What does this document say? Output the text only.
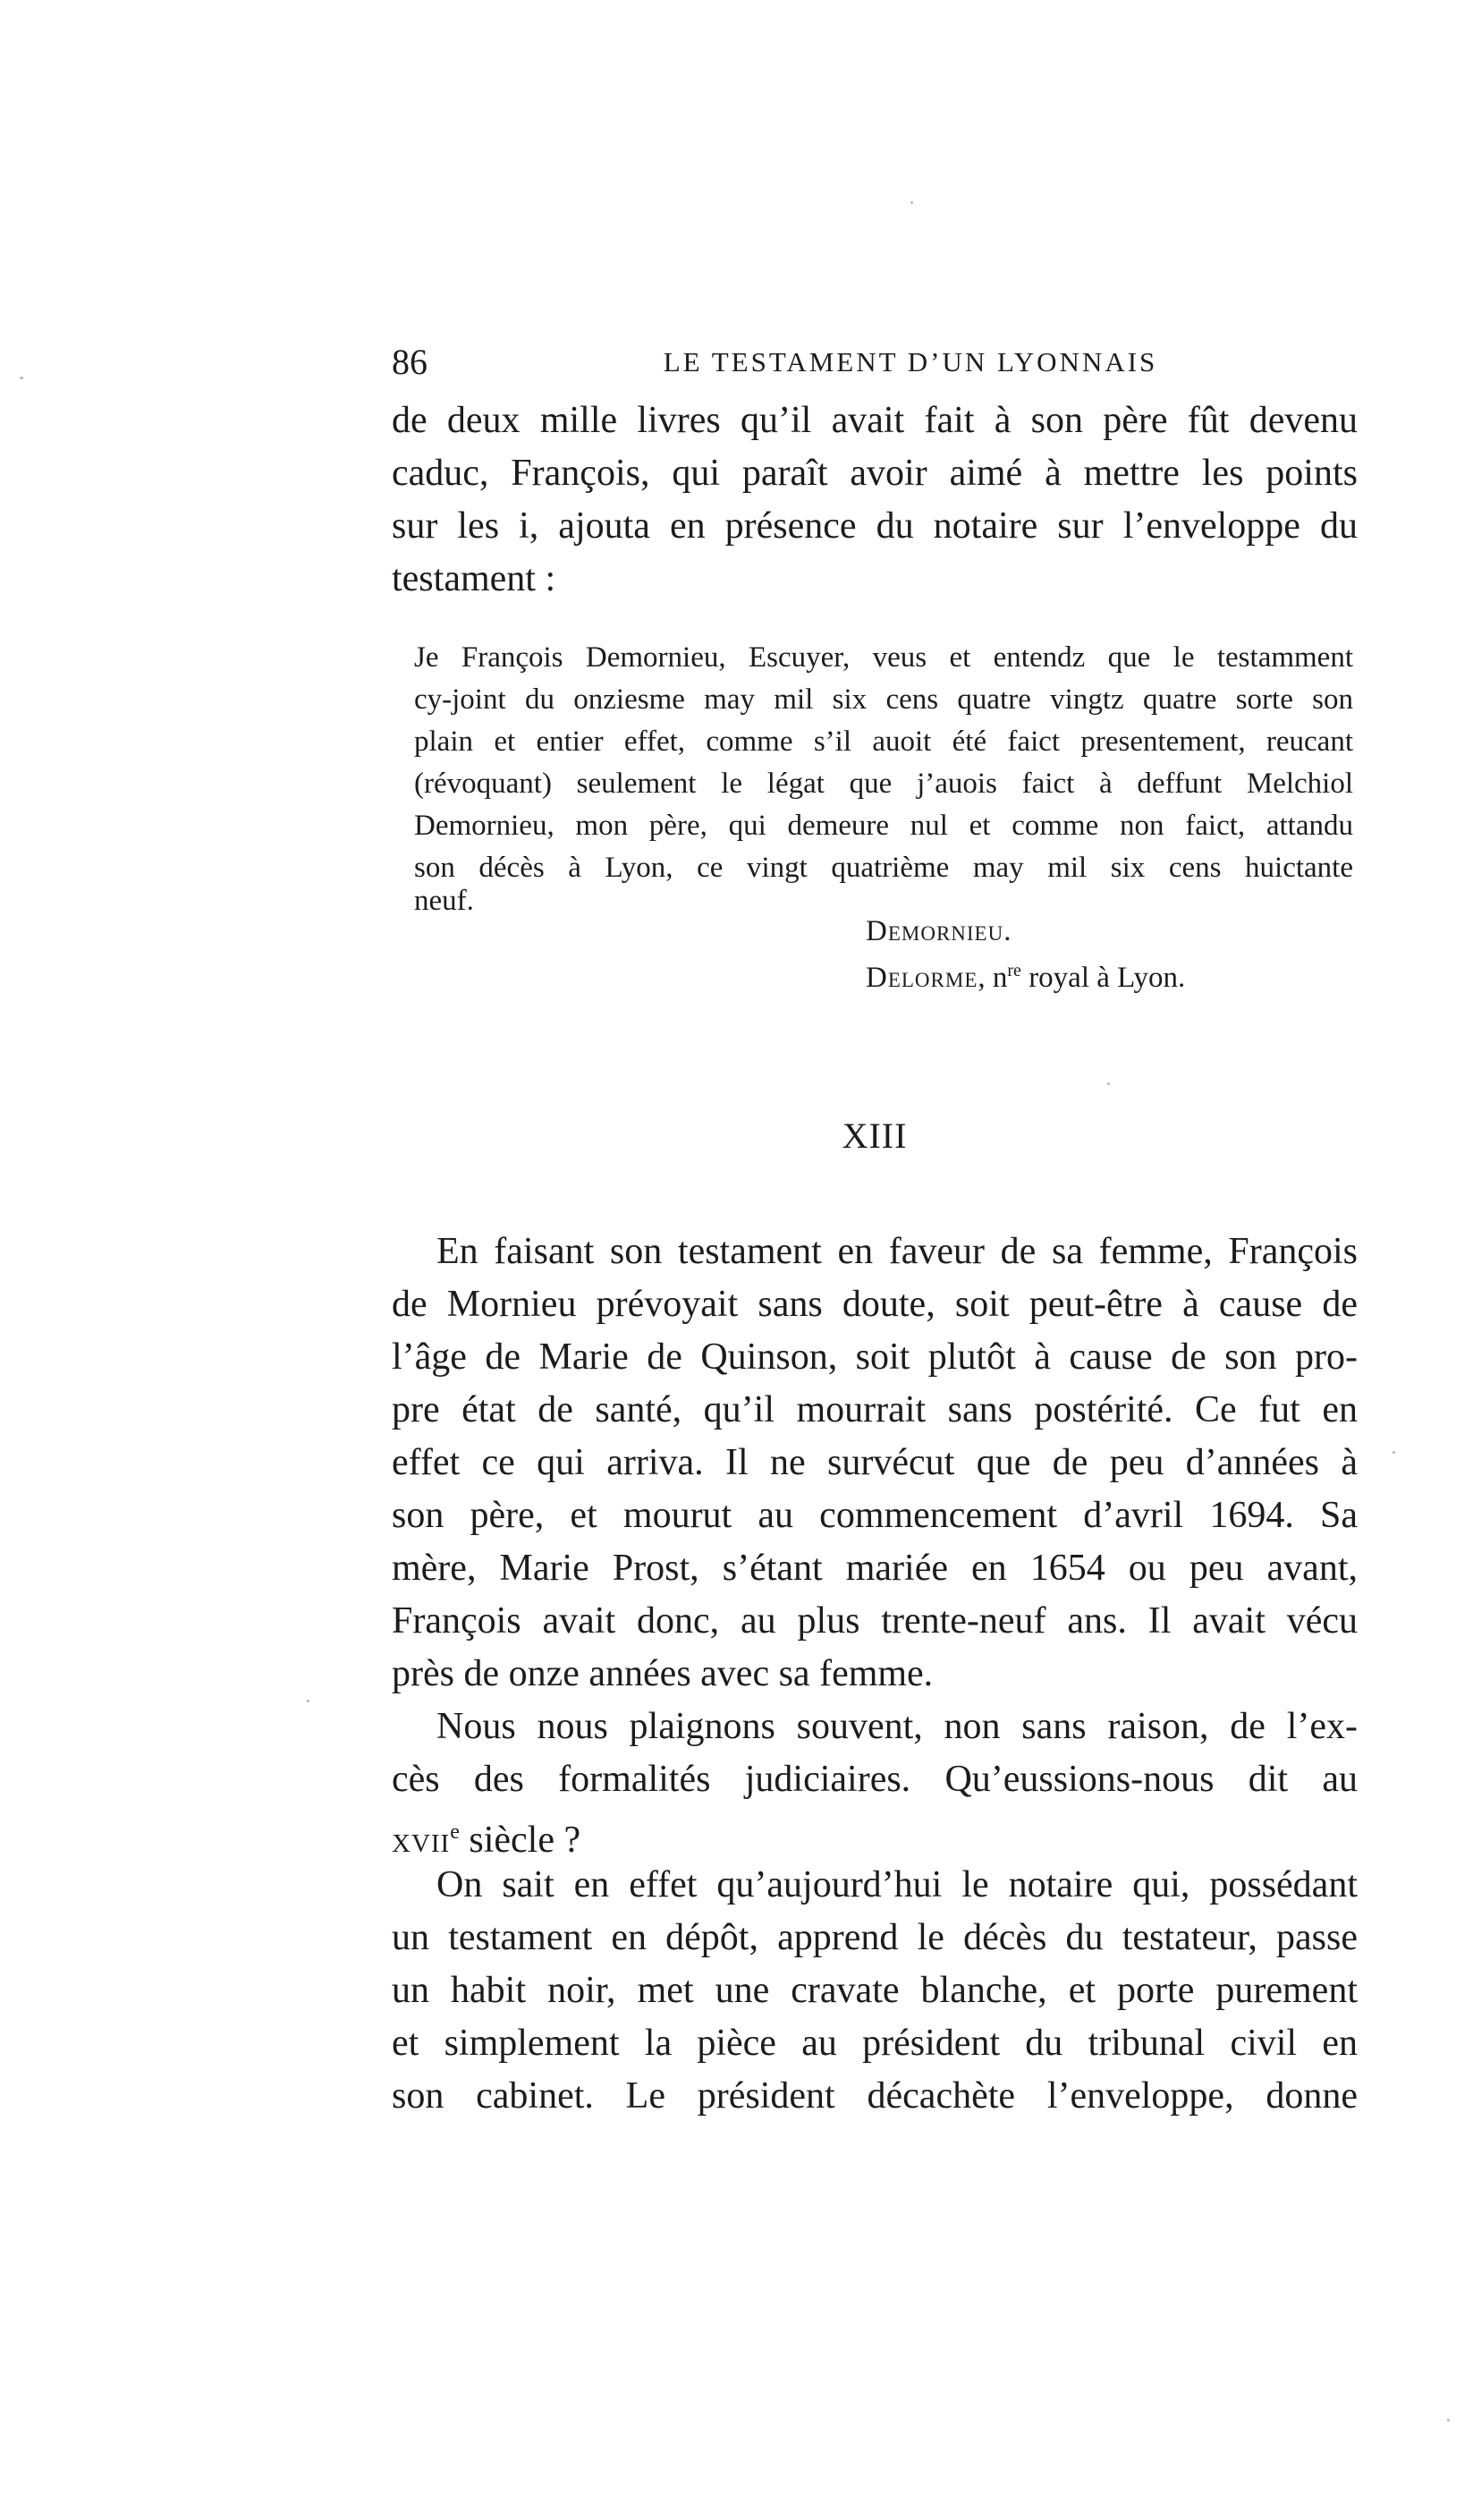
86	LE TESTAMENT D’UN LYONNAIS
de deux mille livres qu’il avait fait à son père fût devenu
caduc, François, qui paraît avoir aimé à mettre les points
sur les i, ajouta en présence du notaire sur l’enveloppe du
testament :
Je François Demornieu, Escuyer, veus et entendz que le testamment
cy-joint du onziesme may mil six cens quatre vingtz quatre sorte son
plain et entier effet, comme s’il auoit été faict presentement, reucant
(révoquant) seulement le légat que j’auois faict à deffunt Melchiol
Demornieu, mon père, qui demeure nul et comme non faict, attandu
son décès à Lyon, ce vingt quatrième may mil six cens huictante
neuf.
Demornieu.
Delorme, $n^{re}$ royal à Lyon.
XIII
En faisant son testament en faveur de sa femme, François
de Mornieu prévoyait sans doute, soit peut-être à cause de
l’âge de Marie de Quinson, soit plutôt à cause de son pro-
pre état de santé, qu’il mourrait sans postérité. Ce fut en
effet ce qui arriva. Il ne survécut que de peu d’années à
son père, et mourut au commencement d’avril 1694. Sa
mère, Marie Prost, s’étant mariée en 1654 ou peu avant,
François avait donc, au plus trente-neuf ans. Il avait vécu
près de onze années avec sa femme.
Nous nous plaignons souvent, non sans raison, de l’ex-
cès des formalités judiciaires. Qu’eussions-nous dit au
xvii$^e$ siècle ?
On sait en effet qu’aujourd’hui le notaire qui, possédant
un testament en dépôt, apprend le décès du testateur, passe
un habit noir, met une cravate blanche, et porte purement
et simplement la pièce au président du tribunal civil en
son cabinet. Le président décachète l’enveloppe, donne
